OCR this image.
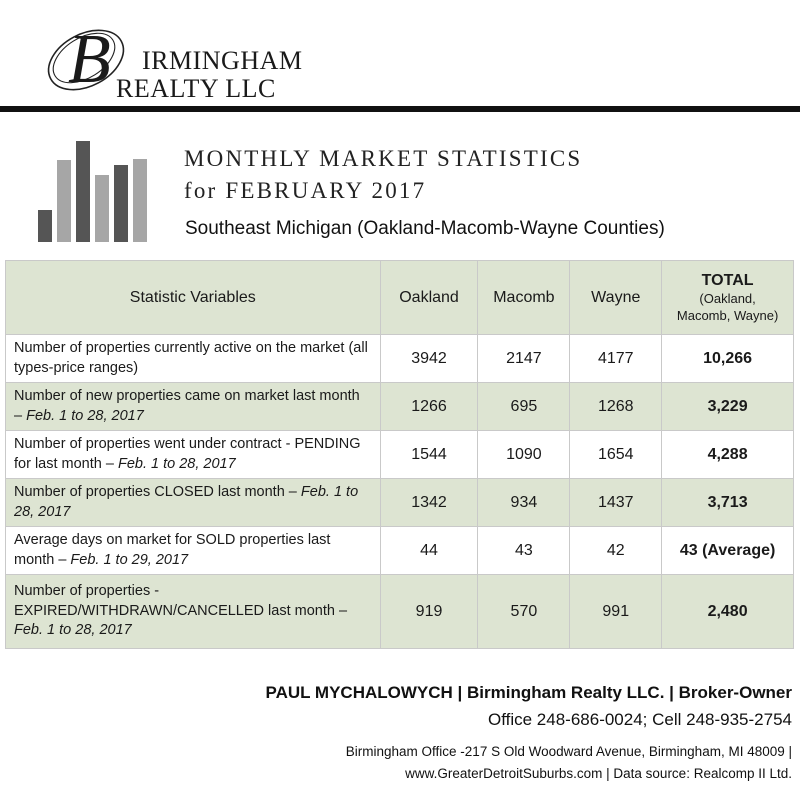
B IRMINGHAM
REALTY LLC
MONTHLY MARKET STATISTICS
for FEBRUARY 2017
Southeast Michigan (Oakland-Macomb-Wayne Counties)
Statistic Variables	Oakland	Macomb	Wayne	TOTAL
(Oakland,
Macomb, Wayne)

Number of properties currently active on the market (all types-price ranges)	3942	2147	4177	10,266
Number of new properties came on market last month – Feb. 1 to 28, 2017	1266	695	1268	3,229
Number of properties went under contract - PENDING for last month – Feb. 1 to 28, 2017	1544	1090	1654	4,288
Number of properties CLOSED last month – Feb. 1 to 28, 2017	1342	934	1437	3,713
Average days on market for SOLD properties last month – Feb. 1 to 29, 2017	44	43	42	43 (Average)
Number of properties - EXPIRED/WITHDRAWN/CANCELLED last month – Feb. 1 to 28, 2017	919	570	991	2,480
PAUL MYCHALOWYCH | Birmingham Realty LLC. | Broker-Owner
Office 248-686-0024; Cell 248-935-2754
Birmingham Office -217 S Old Woodward Avenue, Birmingham, MI 48009 |
www.GreaterDetroitSuburbs.com | Data source: Realcomp II Ltd.
